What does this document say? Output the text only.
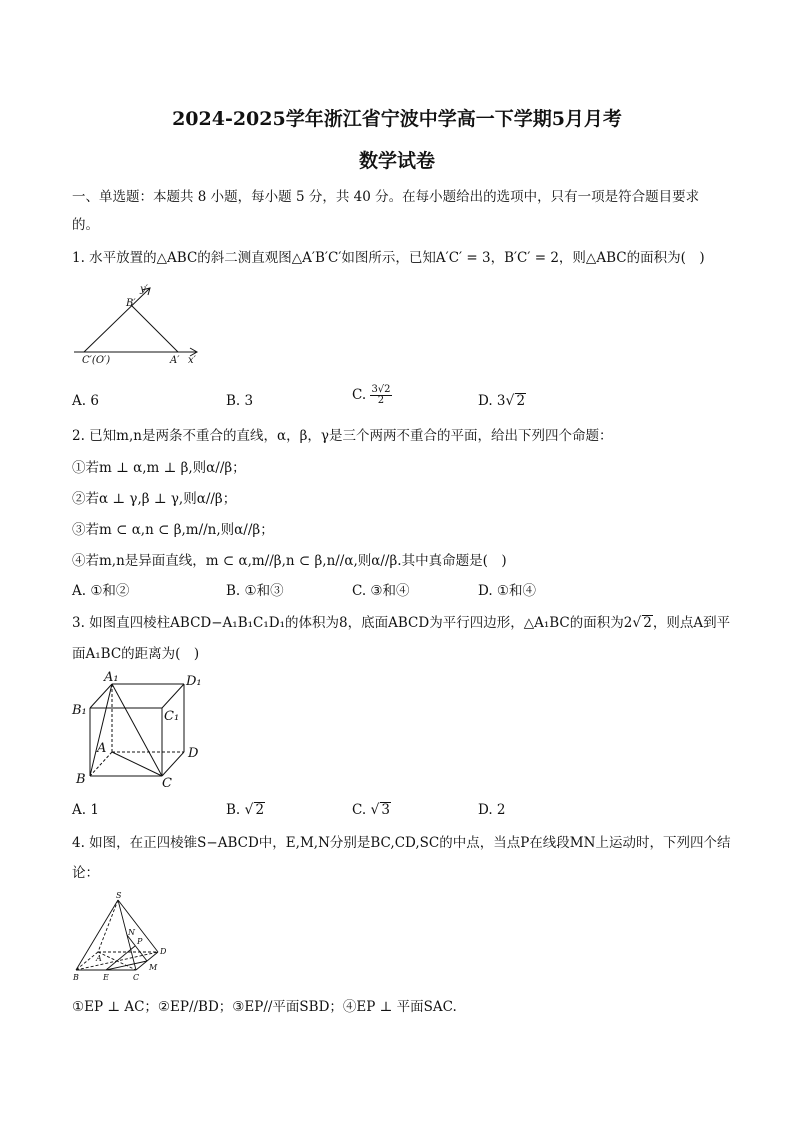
2024-2025学年浙江省宁波中学高一下学期5月月考
数学试卷
一、单选题：本题共 8 小题，每小题 5 分，共 40 分。在每小题给出的选项中，只有一项是符合题目要求
的。
1. 水平放置的△ABC的斜二测直观图△A′B′C′如图所示，已知A′C′ = 3，B′C′ = 2，则△ABC的面积为(　)
y′
B′
C′(O′)	A′ x′
A. 6	B. 3	C. $\frac{3√2}{2}$	D. 3√ 2
2. 已知m,n是两条不重合的直线，α，β，γ是三个两两不重合的平面，给出下列四个命题：
①若m ⊥ α,m ⊥ β,则α//β；
②若α ⊥ γ,β ⊥ γ,则α//β；
③若m ⊂ α,n ⊂ β,m//n,则α//β；
④若m,n是异面直线，m ⊂ α,m//β,n ⊂ β,n//α,则α//β.其中真命题是(　)
A. ①和②	B. ①和③	C. ③和④	D. ①和④
3. 如图直四棱柱ABCD−A₁B₁C₁D₁的体积为8，底面ABCD为平行四边形，△A₁BC的面积为2√ 2，则点A到平
面A₁BC的距离为(　)
A₁	D₁
B₁	C₁
A	D
B	C
A. 1	B. √ 2	C. √ 3	D. 2
4. 如图，在正四棱锥S−ABCD中，E,M,N分别是BC,CD,SC的中点，当点P在线段MN上运动时，下列四个结
论：
S
N
P
A
D
B	E	C
M
①EP ⊥ AC；②EP//BD；③EP//平面SBD；④EP ⊥ 平面SAC.
